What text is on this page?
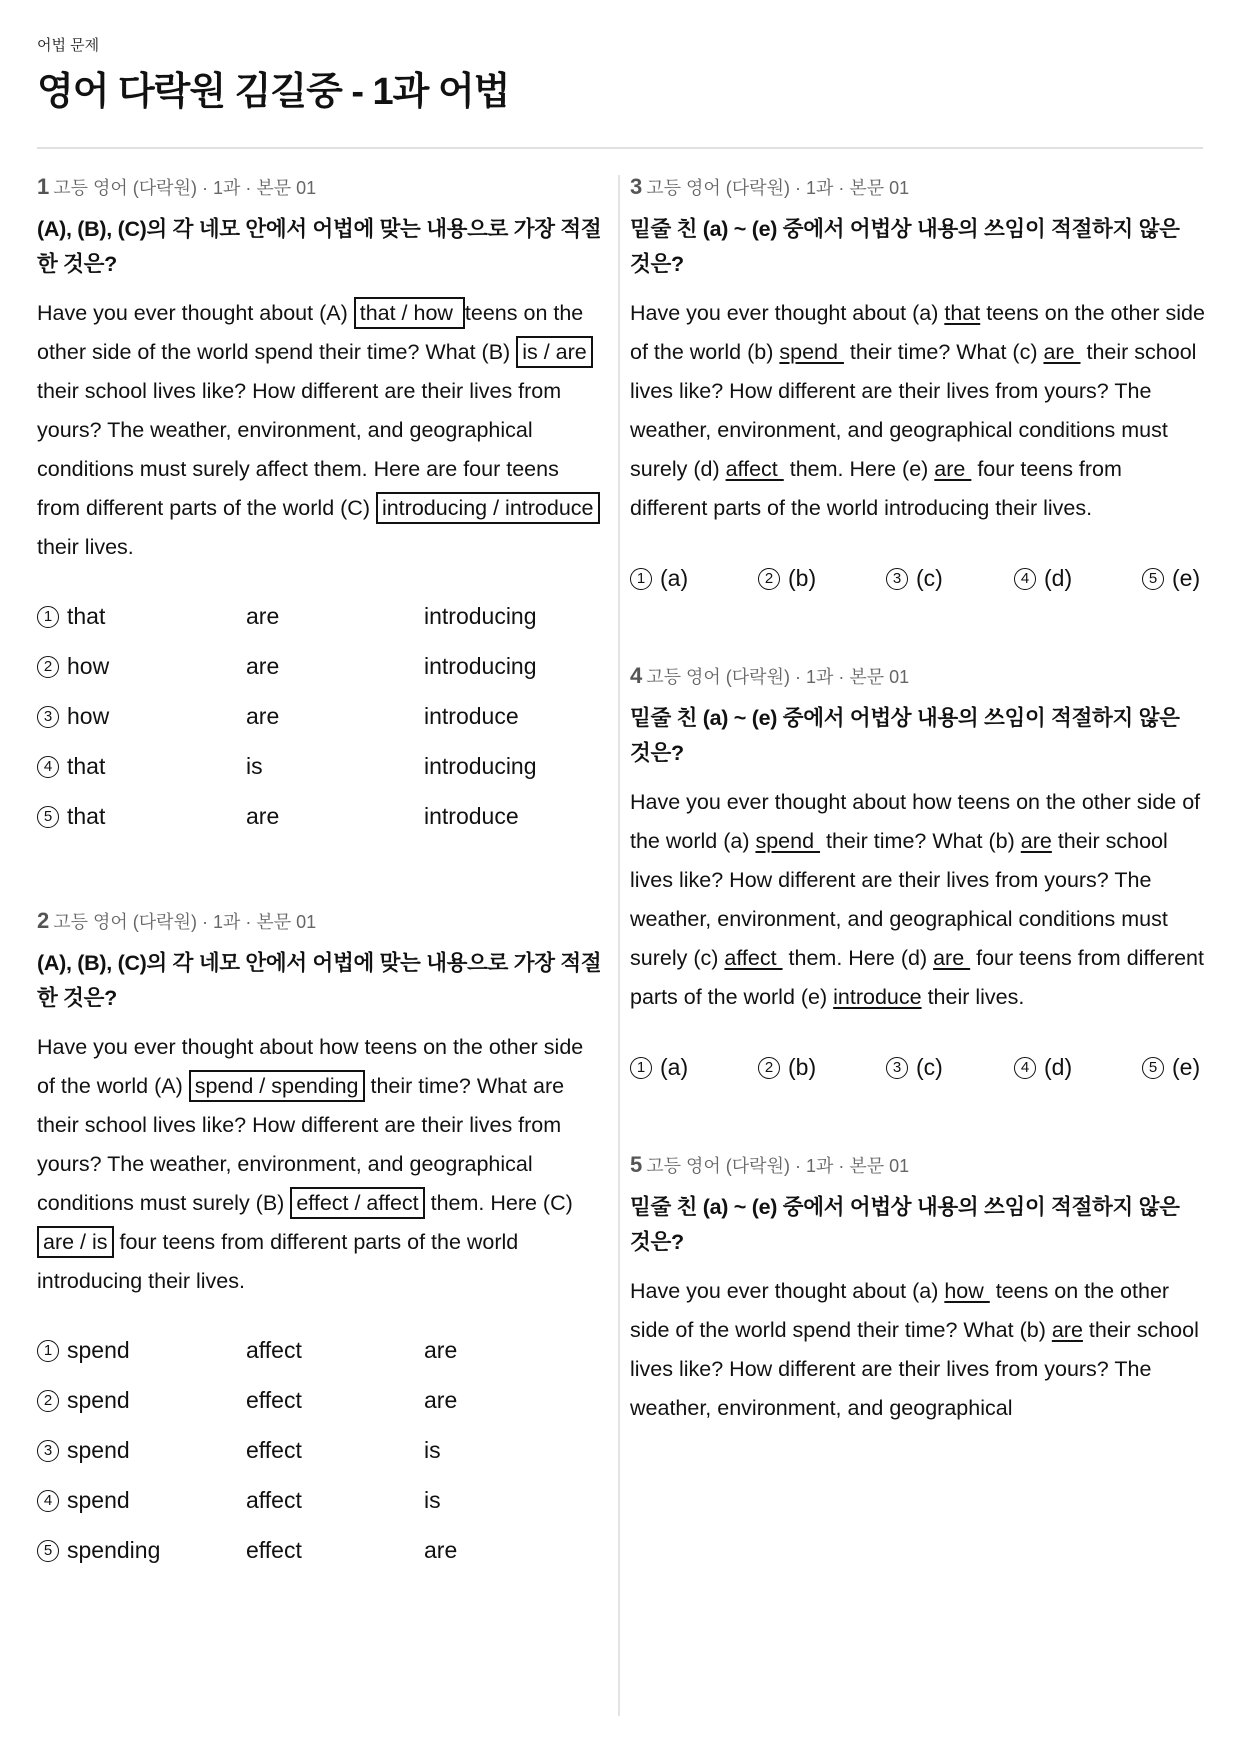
어법 문제
영어 다락원 김길중 - 1과 어법
1 고등 영어 (다락원) · 1과 · 본문 01
(A), (B), (C)의 각 네모 안에서 어법에 맞는 내용으로 가장 적절한 것은?
Have you ever thought about (A) that / how teens on the other side of the world spend their time? What (B) is / are their school lives like? How different are their lives from yours? The weather, environment, and geographical conditions must surely affect them. Here are four teens from different parts of the world (C) introducing / introduce their lives.
1 that	are	introducing
2 how	are	introducing
3 how	are	introduce
4 that	is	introducing
5 that	are	introduce
2 고등 영어 (다락원) · 1과 · 본문 01
(A), (B), (C)의 각 네모 안에서 어법에 맞는 내용으로 가장 적절한 것은?
Have you ever thought about how teens on the other side of the world (A) spend / spending their time? What are their school lives like? How different are their lives from yours? The weather, environment, and geographical conditions must surely (B) effect / affect them. Here (C) are / is four teens from different parts of the world introducing their lives.
1 spend	affect	are
2 spend	effect	are
3 spend	effect	is
4 spend	affect	is
5 spending	effect	are
3 고등 영어 (다락원) · 1과 · 본문 01
밑줄 친 (a) ~ (e) 중에서 어법상 내용의 쓰임이 적절하지 않은 것은?
Have you ever thought about (a) that teens on the other side of the world (b) spend  their time? What (c) are  their school lives like? How different are their lives from yours? The weather, environment, and geographical conditions must surely (d) affect  them. Here (e) are  four teens from different parts of the world introducing their lives.
1 (a)	2 (b)	3 (c)	4 (d)	5 (e)
4 고등 영어 (다락원) · 1과 · 본문 01
밑줄 친 (a) ~ (e) 중에서 어법상 내용의 쓰임이 적절하지 않은 것은?
Have you ever thought about how teens on the other side of the world (a) spend  their time? What (b) are their school lives like? How different are their lives from yours? The weather, environment, and geographical conditions must surely (c) affect  them. Here (d) are  four teens from different parts of the world (e) introduce their lives.
1 (a)	2 (b)	3 (c)	4 (d)	5 (e)
5 고등 영어 (다락원) · 1과 · 본문 01
밑줄 친 (a) ~ (e) 중에서 어법상 내용의 쓰임이 적절하지 않은 것은?
Have you ever thought about (a) how  teens on the other side of the world spend their time? What (b) are their school lives like? How different are their lives from yours? The weather, environment, and geographical
